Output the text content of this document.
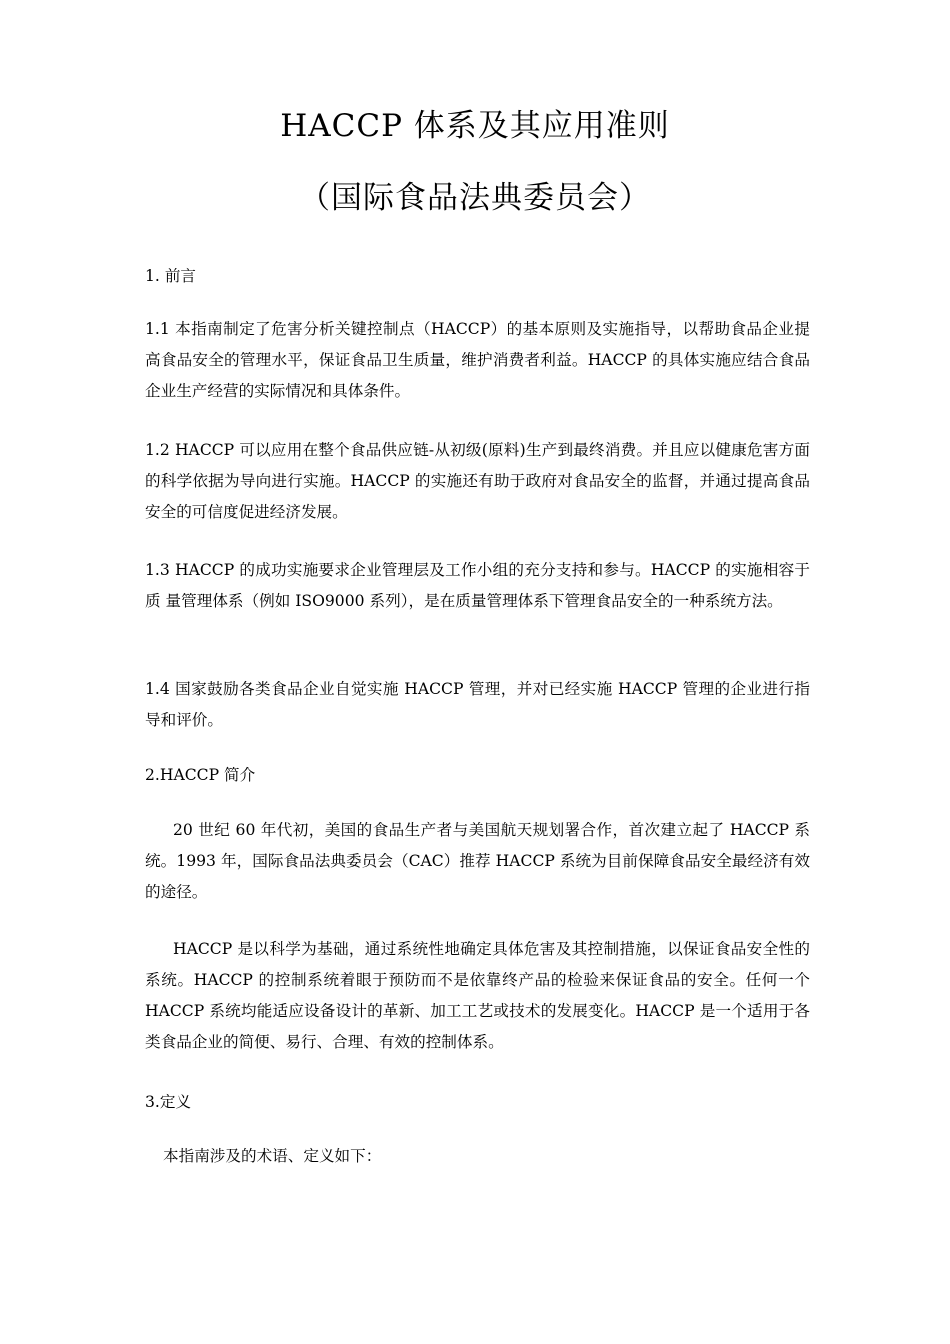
HACCP 体系及其应用准则
（国际食品法典委员会）

1. 前言

1.1 本指南制定了危害分析关键控制点（HACCP）的基本原则及实施指导，以帮助食品企业提高食品安全的管理水平，保证食品卫生质量，维护消费者利益。HACCP 的具体实施应结合食品企业生产经营的实际情况和具体条件。

1.2 HACCP 可以应用在整个食品供应链-从初级(原料)生产到最终消费。并且应以健康危害方面的科学依据为导向进行实施。HACCP 的实施还有助于政府对食品安全的监督，并通过提高食品安全的可信度促进经济发展。

1.3 HACCP 的成功实施要求企业管理层及工作小组的充分支持和参与。HACCP 的实施相容于质 量管理体系（例如 ISO9000 系列），是在质量管理体系下管理食品安全的一种系统方法。

1.4 国家鼓励各类食品企业自觉实施 HACCP 管理，并对已经实施 HACCP 管理的企业进行指导和评价。

2.HACCP 简介

20 世纪 60 年代初，美国的食品生产者与美国航天规划署合作，首次建立起了 HACCP 系统。1993 年，国际食品法典委员会（CAC）推荐 HACCP 系统为目前保障食品安全最经济有效的途径。

HACCP 是以科学为基础，通过系统性地确定具体危害及其控制措施，以保证食品安全性的系统。HACCP 的控制系统着眼于预防而不是依靠终产品的检验来保证食品的安全。任何一个 HACCP 系统均能适应设备设计的革新、加工工艺或技术的发展变化。HACCP 是一个适用于各类食品企业的简便、易行、合理、有效的控制体系。

3.定义

本指南涉及的术语、定义如下：
